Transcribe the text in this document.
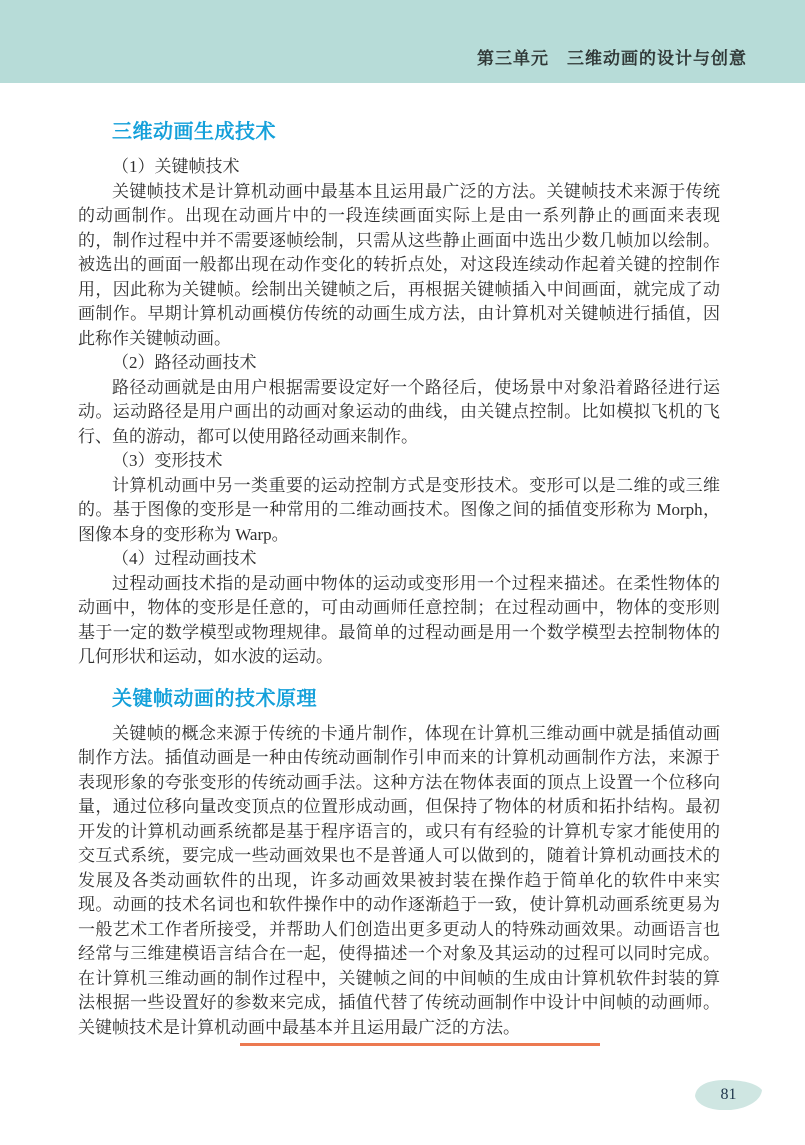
第三单元　三维动画的设计与创意
三维动画生成技术

（1）关键帧技术

关键帧技术是计算机动画中最基本且运用最广泛的方法。关键帧技术来源于传统的动画制作。出现在动画片中的一段连续画面实际上是由一系列静止的画面来表现的，制作过程中并不需要逐帧绘制，只需从这些静止画面中选出少数几帧加以绘制。被选出的画面一般都出现在动作变化的转折点处，对这段连续动作起着关键的控制作用，因此称为关键帧。绘制出关键帧之后，再根据关键帧插入中间画面，就完成了动画制作。早期计算机动画模仿传统的动画生成方法，由计算机对关键帧进行插值，因此称作关键帧动画。

（2）路径动画技术

路径动画就是由用户根据需要设定好一个路径后，使场景中对象沿着路径进行运动。运动路径是用户画出的动画对象运动的曲线，由关键点控制。比如模拟飞机的飞行、鱼的游动，都可以使用路径动画来制作。

（3）变形技术

计算机动画中另一类重要的运动控制方式是变形技术。变形可以是二维的或三维的。基于图像的变形是一种常用的二维动画技术。图像之间的插值变形称为 Morph，图像本身的变形称为 Warp。

（4）过程动画技术

过程动画技术指的是动画中物体的运动或变形用一个过程来描述。在柔性物体的动画中，物体的变形是任意的，可由动画师任意控制；在过程动画中，物体的变形则基于一定的数学模型或物理规律。最简单的过程动画是用一个数学模型去控制物体的几何形状和运动，如水波的运动。

关键帧动画的技术原理

关键帧的概念来源于传统的卡通片制作，体现在计算机三维动画中就是插值动画制作方法。插值动画是一种由传统动画制作引申而来的计算机动画制作方法，来源于表现形象的夸张变形的传统动画手法。这种方法在物体表面的顶点上设置一个位移向量，通过位移向量改变顶点的位置形成动画，但保持了物体的材质和拓扑结构。最初开发的计算机动画系统都是基于程序语言的，或只有有经验的计算机专家才能使用的交互式系统，要完成一些动画效果也不是普通人可以做到的，随着计算机动画技术的发展及各类动画软件的出现，许多动画效果被封装在操作趋于简单化的软件中来实现。动画的技术名词也和软件操作中的动作逐渐趋于一致，使计算机动画系统更易为一般艺术工作者所接受，并帮助人们创造出更多更动人的特殊动画效果。动画语言也经常与三维建模语言结合在一起，使得描述一个对象及其运动的过程可以同时完成。在计算机三维动画的制作过程中，关键帧之间的中间帧的生成由计算机软件封装的算法根据一些设置好的参数来完成，插值代替了传统动画制作中设计中间帧的动画师。关键帧技术是计算机动画中最基本并且运用最广泛的方法。

81
